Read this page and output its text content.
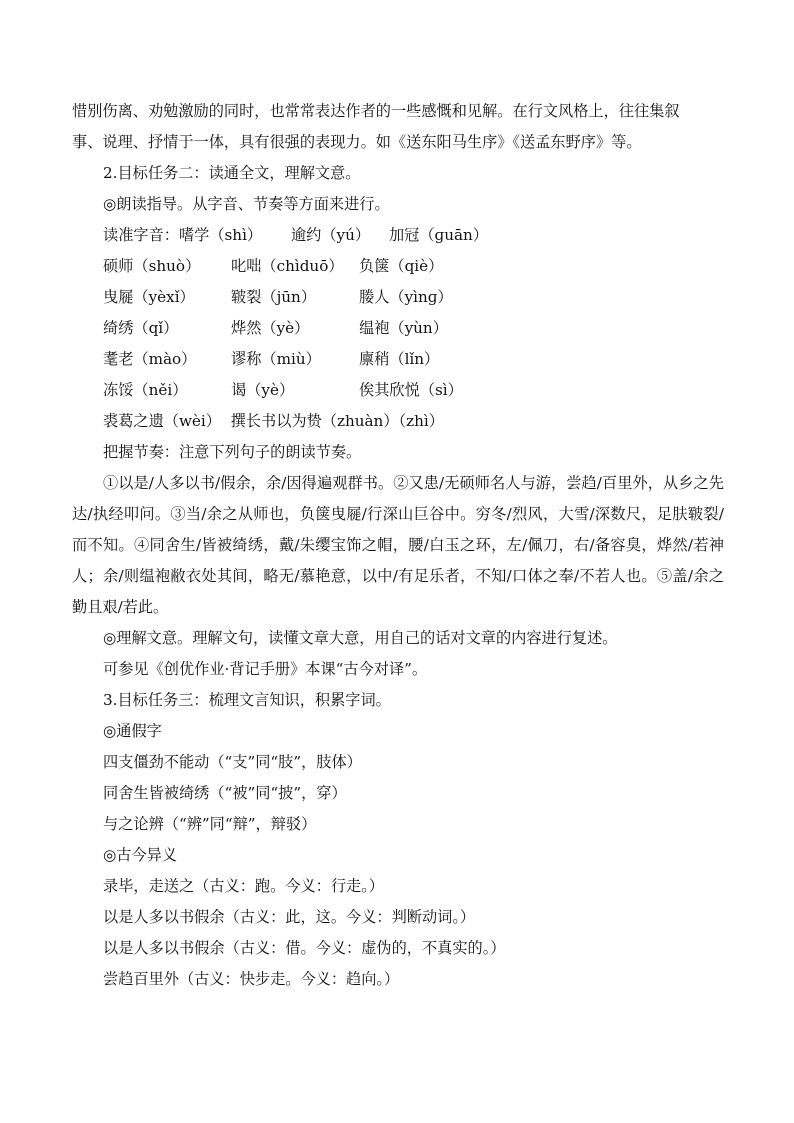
惜别伤离、劝勉激励的同时，也常常表达作者的一些感慨和见解。在行文风格上，往往集叙

事、说理、抒情于一体，具有很强的表现力。如《送东阳马生序》《送孟东野序》等。

2.目标任务二：读通全文，理解文意。

◎朗读指导。从字音、节奏等方面来进行。

读准字音： 嗜学（shì）	逾约（yú）	加冠（ɡuān）
硕师（shuò）	叱咄（chìduō）	负箧（qiè）
曳屣（yèxǐ）	皲裂（jūn）	媵人（yìnɡ）
绮绣（qǐ）	烨然（yè）	缊袍（yùn）
耄老（mào）	谬称（miù）	廪稍（lǐn）
冻馁（něi）	谒（yè）	俟其欣悦（sì）

裘葛之遗（wèi）  撰长书以为贽（zhuàn）（zhì）

把握节奏：注意下列句子的朗读节奏。

①以是/人多以书/假余，余/因得遍观群书。②又患/无硕师名人与游，尝趋/百里外，从乡之先达/执经叩问。③当/余之从师也，负箧曳屣/行深山巨谷中。穷冬/烈风，大雪/深数尺，足肤皲裂/而不知。④同舍生/皆被绮绣，戴/朱缨宝饰之帽，腰/白玉之环，左/佩刀，右/备容臭，烨然/若神人；余/则缊袍敝衣处其间，略无/慕艳意，以中/有足乐者，不知/口体之奉/不若人也。⑤盖/余之勤且艰/若此。

◎理解文意。理解文句，读懂文章大意，用自己的话对文章的内容进行复述。

可参见《创优作业·背记手册》本课“古今对译”。

3.目标任务三：梳理文言知识，积累字词。

◎通假字

四支僵劲不能动（“支”同“肢”，肢体）

同舍生皆被绮绣（“被”同“披”，穿）

与之论辨（“辨”同“辩”，辩驳）

◎古今异义

录毕，走送之（古义：跑。今义：行走。）

以是人多以书假余（古义：此，这。今义：判断动词。）

以是人多以书假余（古义：借。今义：虚伪的，不真实的。）

尝趋百里外（古义：快步走。今义：趋向。）
